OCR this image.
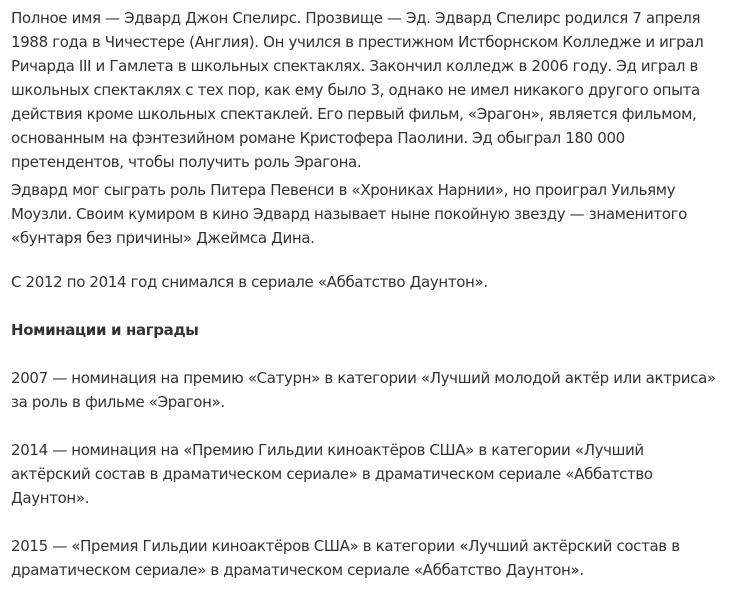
Полное имя — Эдвард Джон Спелирс. Прозвище — Эд. Эдвард Спелирс родился 7 апреля 1988 года в Чичестере (Англия). Он учился в престижном Истборнском Колледже и играл Ричарда III и Гамлета в школьных спектаклях. Закончил колледж в 2006 году. Эд играл в школьных спектаклях с тех пор, как ему было 3, однако не имел никакого другого опыта действия кроме школьных спектаклей. Его первый фильм, «Эрагон», является фильмом, основанным на фэнтезийном романе Кристофера Паолини. Эд обыграл 180 000 претендентов, чтобы получить роль Эрагона.

Эдвард мог сыграть роль Питера Певенси в «Хрониках Нарнии», но проиграл Уильяму Моузли. Своим кумиром в кино Эдвард называет ныне покойную звезду — знаменитого «бунтаря без причины» Джеймса Дина.

С 2012 по 2014 год снимался в сериале «Аббатство Даунтон».

Номинации и награды

2007 — номинация на премию «Сатурн» в категории «Лучший молодой актёр или актриса» за роль в фильме «Эрагон».

2014 — номинация на «Премию Гильдии киноактёров США» в категории «Лучший актёрский состав в драматическом сериале» в драматическом сериале «Аббатство Даунтон».

2015 — «Премия Гильдии киноактёров США» в категории «Лучший актёрский состав в драматическом сериале» в драматическом сериале «Аббатство Даунтон».
